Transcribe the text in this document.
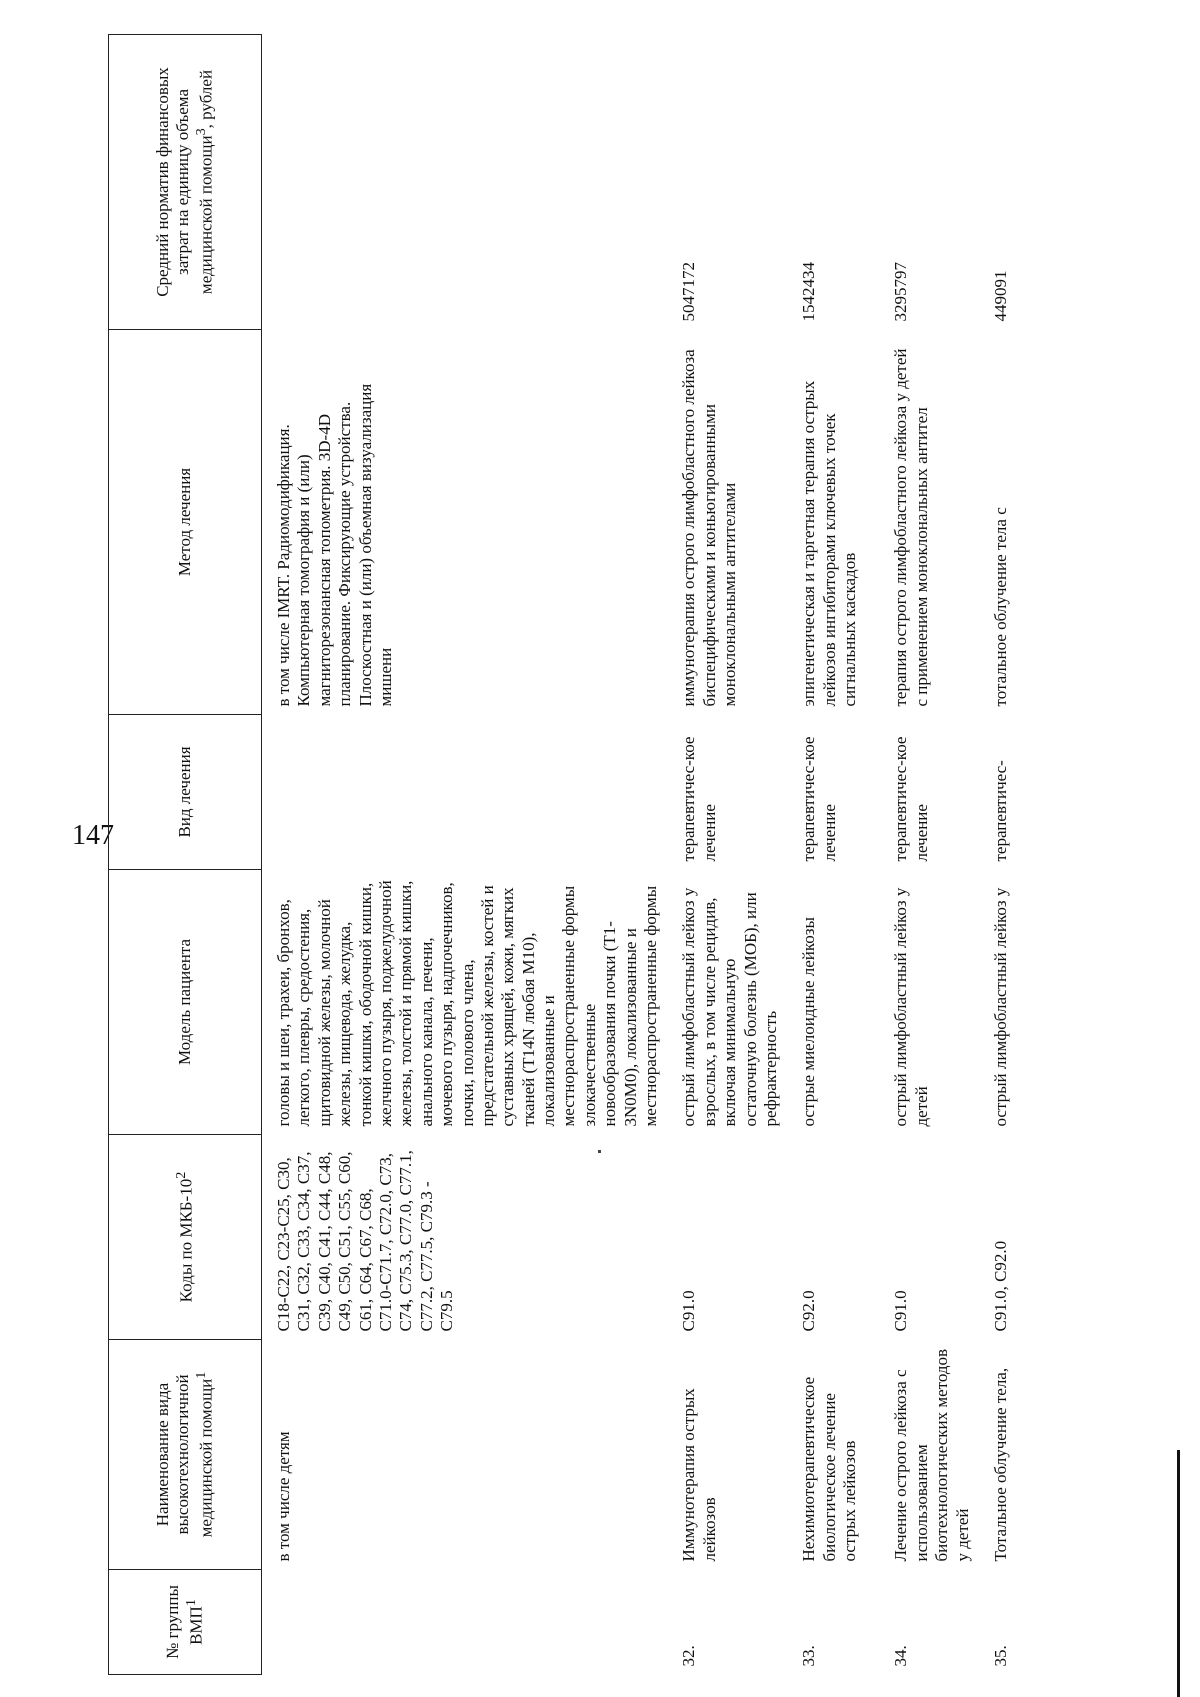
147
№ группы ВМП$^1$	Наименование вида высокотехнологичной медицинской помощи$^1$	Коды по МКБ-$10^2$	Модель пациента	Вид лечения	Метод лечения	Средний норматив финансовых затрат на единицу объема медицинской помощи$^3$, рублей
	в том числе детям	C18-C22, C23-C25, C30, C31, C32, C33, C34, C37, C39, C40, C41, C44, C48, C49, C50, C51, C55, C60, C61, C64, C67, C68, C71.0-C71.7, C72.0, C73, C74, C75.3, C77.0, C77.1, C77.2, C77.5, C79.3 - C79.5	головы и шеи, трахеи, бронхов, легкого, плевры, средостения, щитовидной железы, молочной железы, пищевода, желудка, тонкой кишки, ободочной кишки, желчного пузыря, поджелудочной железы, толстой и прямой кишки, анального канала, печени, мочевого пузыря, надпочечников, почки, полового члена, предстательной железы, костей и суставных хрящей, кожи, мягких тканей (T14N любая M10), локализованные и местнораспространенные формы злокачественные новообразования почки (T1-3N0M0), локализованные и местнораспространенные формы		в том числе IMRT. Радиомодификация. Компьютерная томография и (или) магниторезонансная топометрия. 3D-4D планирование. Фиксирующие устройства. Плоскостная и (или) объемная визуализация мишени	
32.	Иммунотерапия острых лейкозов	C91.0	острый лимфобластный лейкоз у взрослых, в том числе рецидив, включая минимальную остаточную болезнь (МОБ), или рефрактерность	терапевтичес-кое лечение	иммунотерапия острого лимфобластного лейкоза биспецифическими и коньюгированными моноклональными антителами	5047172
33.	Нехимиотерапевтическое биологическое лечение острых лейкозов	C92.0	острые миелоидные лейкозы	терапевтичес-кое лечение	эпигенетическая и таргетная терапия острых лейкозов ингибиторами ключевых точек сигнальных каскадов	1542434
34.	Лечение острого лейкоза с использованием биотехнологических методов у детей	C91.0	острый лимфобластный лейкоз у детей	терапевтичес-кое лечение	терапия острого лимфобластного лейкоза у детей с применением моноклональных антител	3295797
35.	Тотальное облучение тела,	C91.0, C92.0	острый лимфобластный лейкоз у	терапевтичес-	тотальное облучение тела с	449091
